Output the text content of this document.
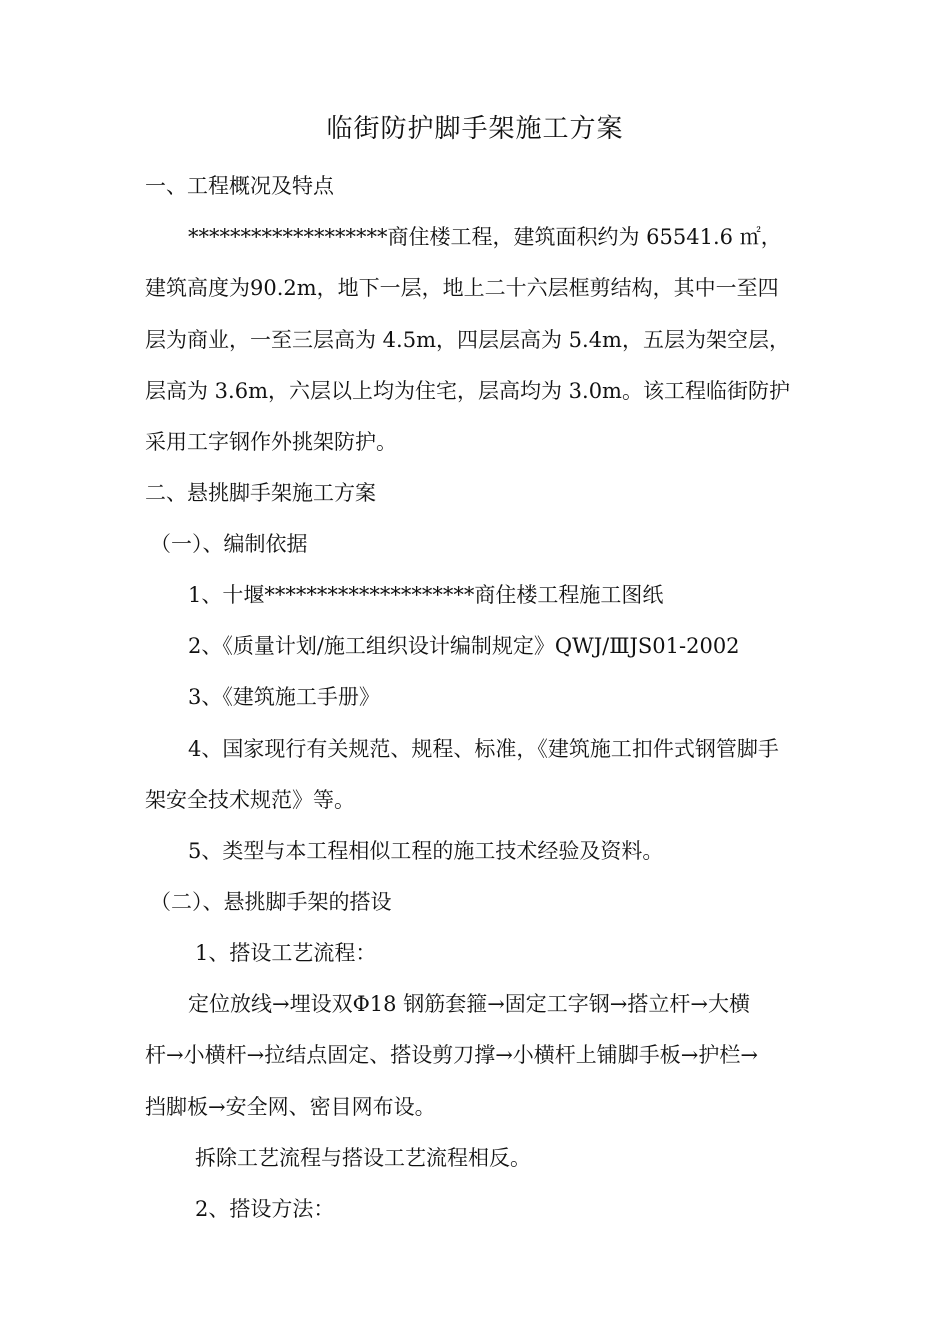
临街防护脚手架施工方案
一、工程概况及特点
*******************商住楼工程，建筑面积约为 65541.6 ㎡，
建筑高度为90.2m，地下一层，地上二十六层框剪结构，其中一至四
层为商业，一至三层高为 4.5m，四层层高为 5.4m，五层为架空层，
层高为 3.6m，六层以上均为住宅，层高均为 3.0m。该工程临街防护
采用工字钢作外挑架防护。
二、悬挑脚手架施工方案
（一）、编制依据
1、十堰********************商住楼工程施工图纸
2、《质量计划/施工组织设计编制规定》QWJ/ⅢJS01-2002
3、《建筑施工手册》
4、国家现行有关规范、规程、标准，《建筑施工扣件式钢管脚手
架安全技术规范》等。
5、类型与本工程相似工程的施工技术经验及资料。
（二）、悬挑脚手架的搭设
1、搭设工艺流程：
定位放线→埋设双Φ18 钢筋套箍→固定工字钢→搭立杆→大横
杆→小横杆→拉结点固定、搭设剪刀撑→小横杆上铺脚手板→护栏→
挡脚板→安全网、密目网布设。
拆除工艺流程与搭设工艺流程相反。
2、搭设方法：
